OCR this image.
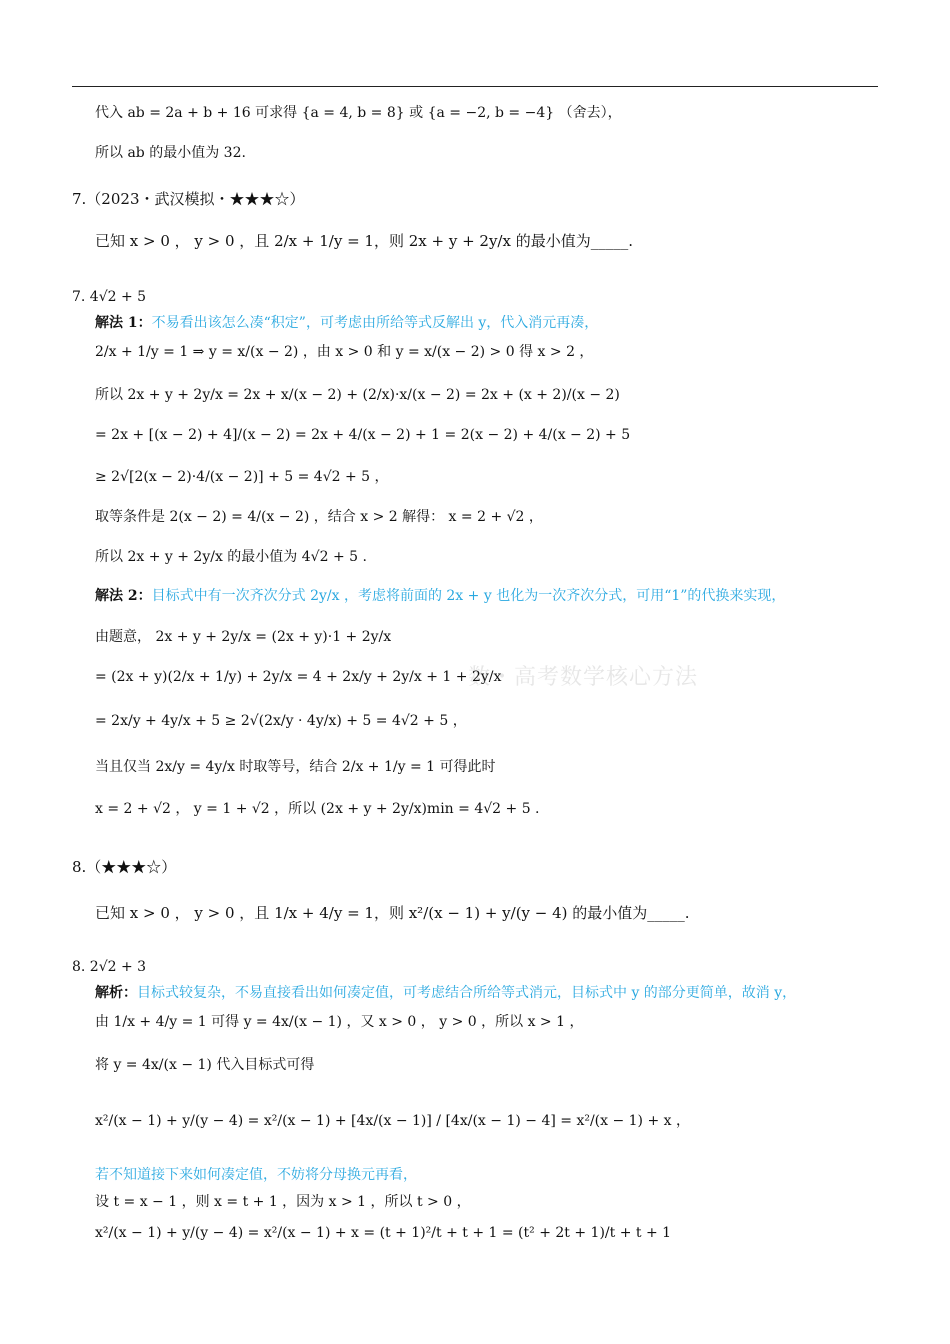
数・高考数学核心方法
代入 ab = 2a + b + 16 可求得 {a = 4, b = 8} 或 {a = −2, b = −4} （舍去），
所以 ab 的最小值为 32.
7.（2023・武汉模拟・★★★☆）
已知 x > 0 ， y > 0 ，且 2/x + 1/y = 1，则 2x + y + 2y/x 的最小值为_____.
7. 4√2 + 5
解法 1：不易看出该怎么凑“积定”，可考虑由所给等式反解出 y，代入消元再凑，
2/x + 1/y = 1 ⇒ y = x/(x − 2) ，由 x > 0 和 y = x/(x − 2) > 0 得 x > 2 ，
所以 2x + y + 2y/x = 2x + x/(x − 2) + (2/x)·x/(x − 2) = 2x + (x + 2)/(x − 2)
= 2x + [(x − 2) + 4]/(x − 2) = 2x + 4/(x − 2) + 1 = 2(x − 2) + 4/(x − 2) + 5
≥ 2√[2(x − 2)·4/(x − 2)] + 5 = 4√2 + 5 ，
取等条件是 2(x − 2) = 4/(x − 2) ，结合 x > 2 解得： x = 2 + √2 ，
所以 2x + y + 2y/x 的最小值为 4√2 + 5 .
解法 2：目标式中有一次齐次分式 2y/x ，考虑将前面的 2x + y 也化为一次齐次分式，可用“1”的代换来实现，
由题意， 2x + y + 2y/x = (2x + y)·1 + 2y/x
= (2x + y)(2/x + 1/y) + 2y/x = 4 + 2x/y + 2y/x + 1 + 2y/x
= 2x/y + 4y/x + 5 ≥ 2√(2x/y · 4y/x) + 5 = 4√2 + 5 ，
当且仅当 2x/y = 4y/x 时取等号，结合 2/x + 1/y = 1 可得此时
x = 2 + √2 ， y = 1 + √2 ，所以 (2x + y + 2y/x)min = 4√2 + 5 .
8.（★★★☆）
已知 x > 0 ， y > 0 ，且 1/x + 4/y = 1，则 x²/(x − 1) + y/(y − 4) 的最小值为_____.
8. 2√2 + 3
解析：目标式较复杂，不易直接看出如何凑定值，可考虑结合所给等式消元，目标式中 y 的部分更简单，故消 y，
由 1/x + 4/y = 1 可得 y = 4x/(x − 1) ，又 x > 0 ， y > 0 ，所以 x > 1 ，
将 y = 4x/(x − 1) 代入目标式可得
x²/(x − 1) + y/(y − 4) = x²/(x − 1) + [4x/(x − 1)] / [4x/(x − 1) − 4] = x²/(x − 1) + x ，
若不知道接下来如何凑定值，不妨将分母换元再看，
设 t = x − 1 ，则 x = t + 1 ，因为 x > 1 ，所以 t > 0 ，
x²/(x − 1) + y/(y − 4) = x²/(x − 1) + x = (t + 1)²/t + t + 1 = (t² + 2t + 1)/t + t + 1
